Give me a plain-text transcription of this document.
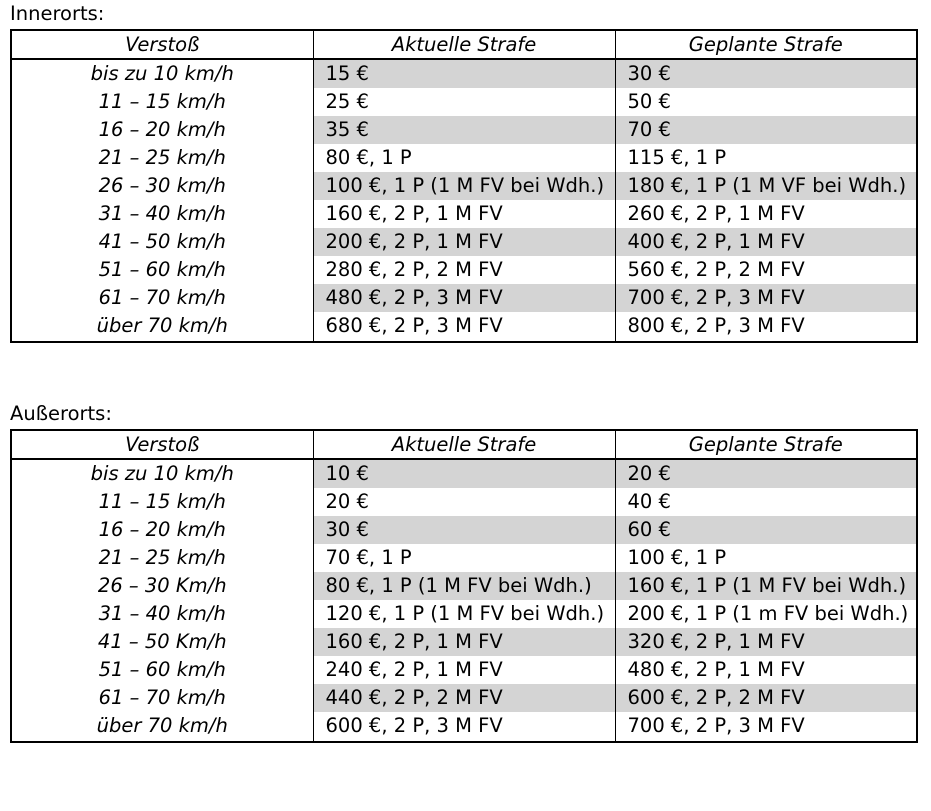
Innerorts:
Verstoß	Aktuelle Strafe	Geplante Strafe
bis zu 10 km/h	15 €	30 €
11 – 15 km/h	25 €	50 €
16 – 20 km/h	35 €	70 €
21 – 25 km/h	80 €, 1 P	115 €, 1 P
26 – 30 km/h	100 €, 1 P (1 M FV bei Wdh.)	180 €, 1 P (1 M VF bei Wdh.)
31 – 40 km/h	160 €, 2 P, 1 M FV	260 €, 2 P, 1 M FV
41 – 50 km/h	200 €, 2 P, 1 M FV	400 €, 2 P, 1 M FV
51 – 60 km/h	280 €, 2 P, 2 M FV	560 €, 2 P, 2 M FV
61 – 70 km/h	480 €, 2 P, 3 M FV	700 €, 2 P, 3 M FV
über 70 km/h	680 €, 2 P, 3 M FV	800 €, 2 P, 3 M FV
Außerorts:
Verstoß	Aktuelle Strafe	Geplante Strafe
bis zu 10 km/h	10 €	20 €
11 – 15 km/h	20 €	40 €
16 – 20 km/h	30 €	60 €
21 – 25 km/h	70 €, 1 P	100 €, 1 P
26 – 30 Km/h	80 €, 1 P (1 M FV bei Wdh.)	160 €, 1 P (1 M FV bei Wdh.)
31 – 40 km/h	120 €, 1 P (1 M FV bei Wdh.)	200 €, 1 P (1 m FV bei Wdh.)
41 – 50 Km/h	160 €, 2 P, 1 M FV	320 €, 2 P, 1 M FV
51 – 60 km/h	240 €, 2 P, 1 M FV	480 €, 2 P, 1 M FV
61 – 70 km/h	440 €, 2 P, 2 M FV	600 €, 2 P, 2 M FV
über 70 km/h	600 €, 2 P, 3 M FV	700 €, 2 P, 3 M FV
